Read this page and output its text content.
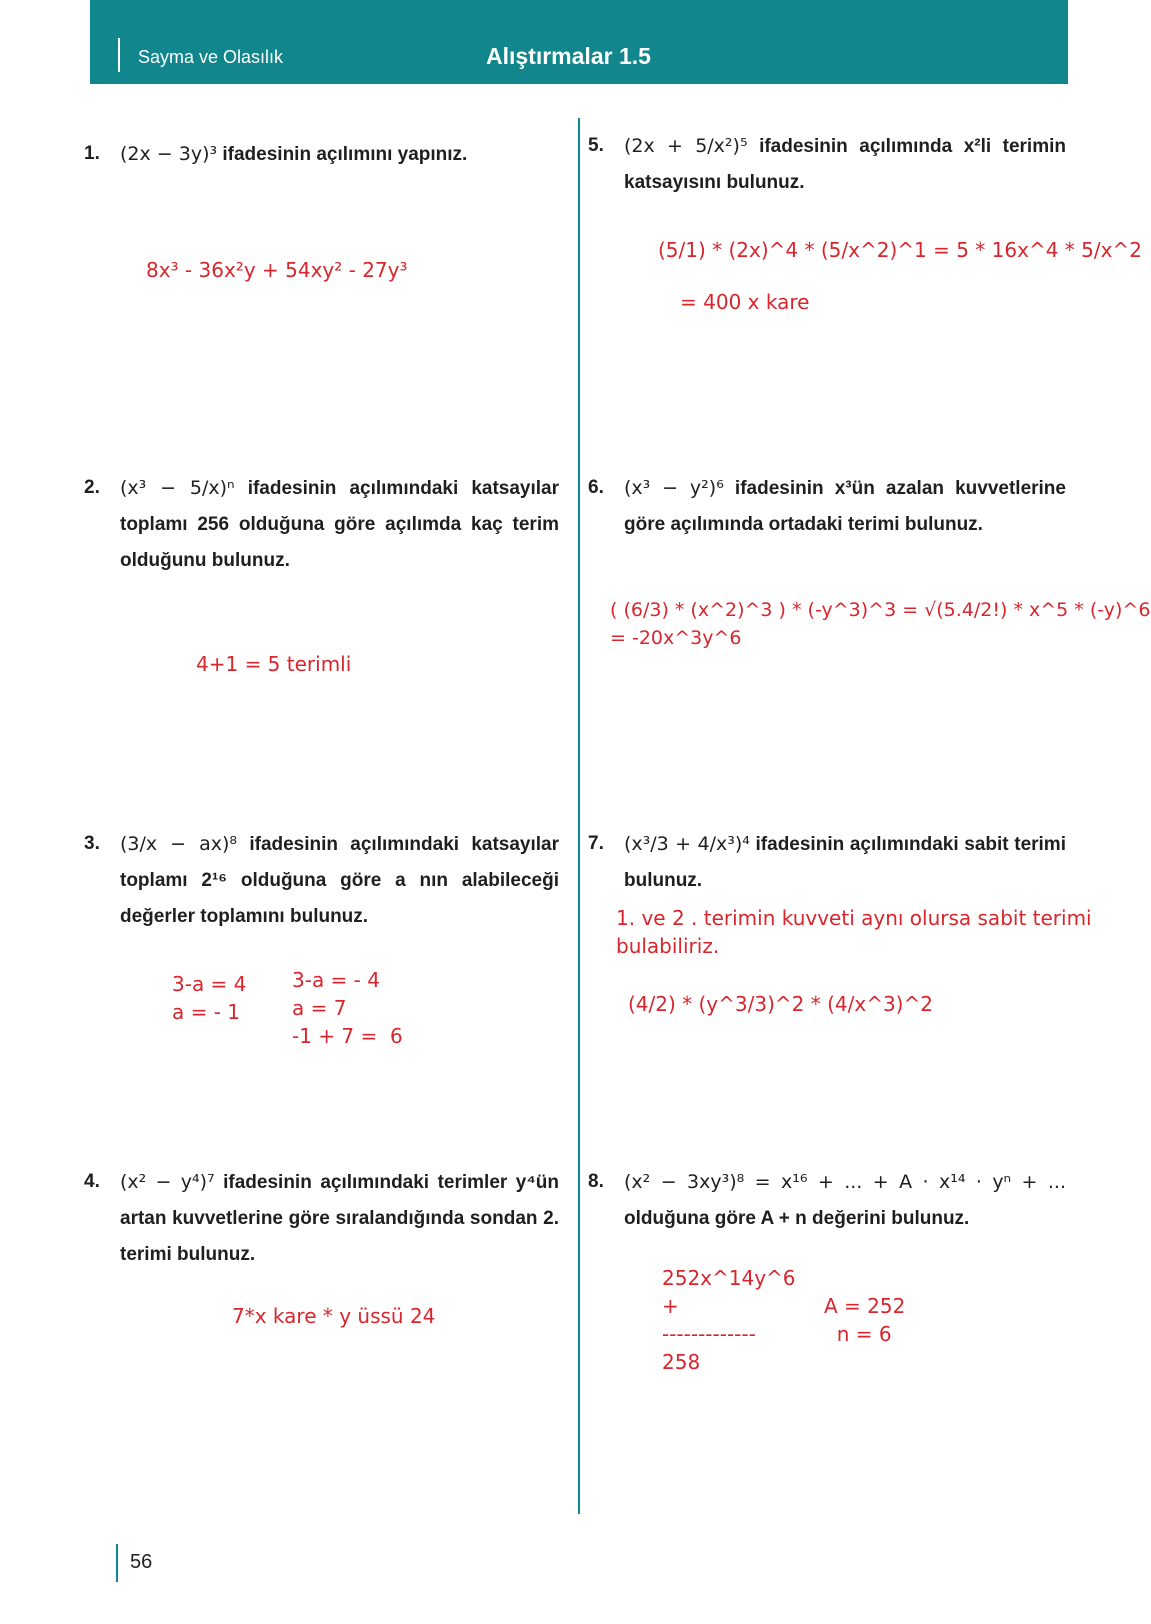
Sayma ve Olasılık	Alıştırmalar 1.5
1. (2x − 3y)³ ifadesinin açılımını yapınız.
8x³ - 36x²y + 54xy² - 27y³
2. (x³ − 5/x)ⁿ ifadesinin açılımındaki katsayılar toplamı 256 olduğuna göre açılımda kaç terim olduğunu bulunuz.
4+1 = 5 terimli
3. (3/x − ax)⁸ ifadesinin açılımındaki katsayılar toplamı 2¹⁶ olduğuna göre a nın alabileceği değerler toplamını bulunuz.
3-a = 4
a = - 1
3-a = - 4
a = 7
-1 + 7 =  6
4. (x² − y⁴)⁷ ifadesinin açılımındaki terimler y⁴ün artan kuvvetlerine göre sıralandığında sondan 2. terimi bulunuz.
7*x kare * y üssü 24
5. (2x + 5/x²)⁵ ifadesinin açılımında x²li terimin katsayısını bulunuz.
(5/1) * (2x)^4 * (5/x^2)^1 = 5 * 16x^4 * 5/x^2
= 400 x kare
6. (x³ − y²)⁶ ifadesinin x³ün azalan kuvvetlerine göre açılımında ortadaki terimi bulunuz.
( (6/3) * (x^2)^3 ) * (-y^3)^3 = √(5.4/2!) * x^5 * (-y)^6
= -20x^3y^6
7. (x³/3 + 4/x³)⁴ ifadesinin açılımındaki sabit terimi bulunuz.
1. ve 2 . terimin kuvveti aynı olursa sabit terimi
bulabiliriz.
(4/2) * (y^3/3)^2 * (4/x^3)^2
8. (x² − 3xy³)⁸ = x¹⁶ + ... + A · x¹⁴ · yⁿ + ... olduğuna göre A + n değerini bulunuz.
252x^14y^6
+
-------------
258
A = 252
n = 6
56
